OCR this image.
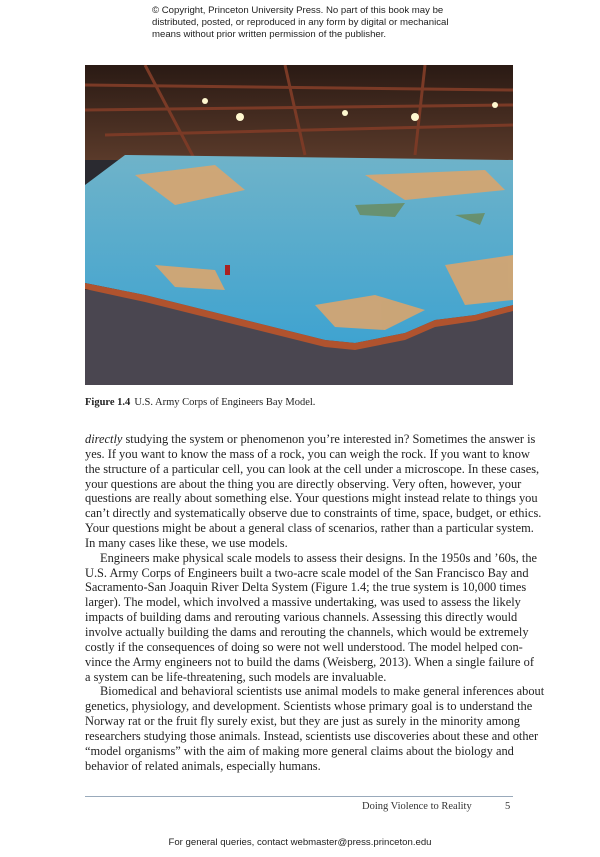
© Copyright, Princeton University Press. No part of this book may be
distributed, posted, or reproduced in any form by digital or mechanical
means without prior written permission of the publisher.
Figure 1.4 U.S. Army Corps of Engineers Bay Model.
directly studying the system or phenomenon you’re interested in? Sometimes the answer is
yes. If you want to know the mass of a rock, you can weigh the rock. If you want to know
the structure of a particular cell, you can look at the cell under a microscope. In these cases,
your questions are about the thing you are directly observing. Very often, however, your
questions are really about something else. Your questions might instead relate to things you
can’t directly and systematically observe due to constraints of time, space, budget, or ethics.
Your questions might be about a general class of scenarios, rather than a particular system.
In many cases like these, we use models.
Engineers make physical scale models to assess their designs. In the 1950s and ’60s, the
U.S. Army Corps of Engineers built a two-acre scale model of the San Francisco Bay and
Sacramento-San Joaquin River Delta System (Figure 1.4; the true system is 10,000 times
larger). The model, which involved a massive undertaking, was used to assess the likely
impacts of building dams and rerouting various channels. Assessing this directly would
involve actually building the dams and rerouting the channels, which would be extremely
costly if the consequences of doing so were not well understood. The model helped con-
vince the Army engineers not to build the dams (Weisberg, 2013). When a single failure of
a system can be life-threatening, such models are invaluable.
Biomedical and behavioral scientists use animal models to make general inferences about
genetics, physiology, and development. Scientists whose primary goal is to understand the
Norway rat or the fruit fly surely exist, but they are just as surely in the minority among
researchers studying those animals. Instead, scientists use discoveries about these and other
“model organisms” with the aim of making more general claims about the biology and
behavior of related animals, especially humans.
Doing Violence to Reality	5
For general queries, contact webmaster@press.princeton.edu
